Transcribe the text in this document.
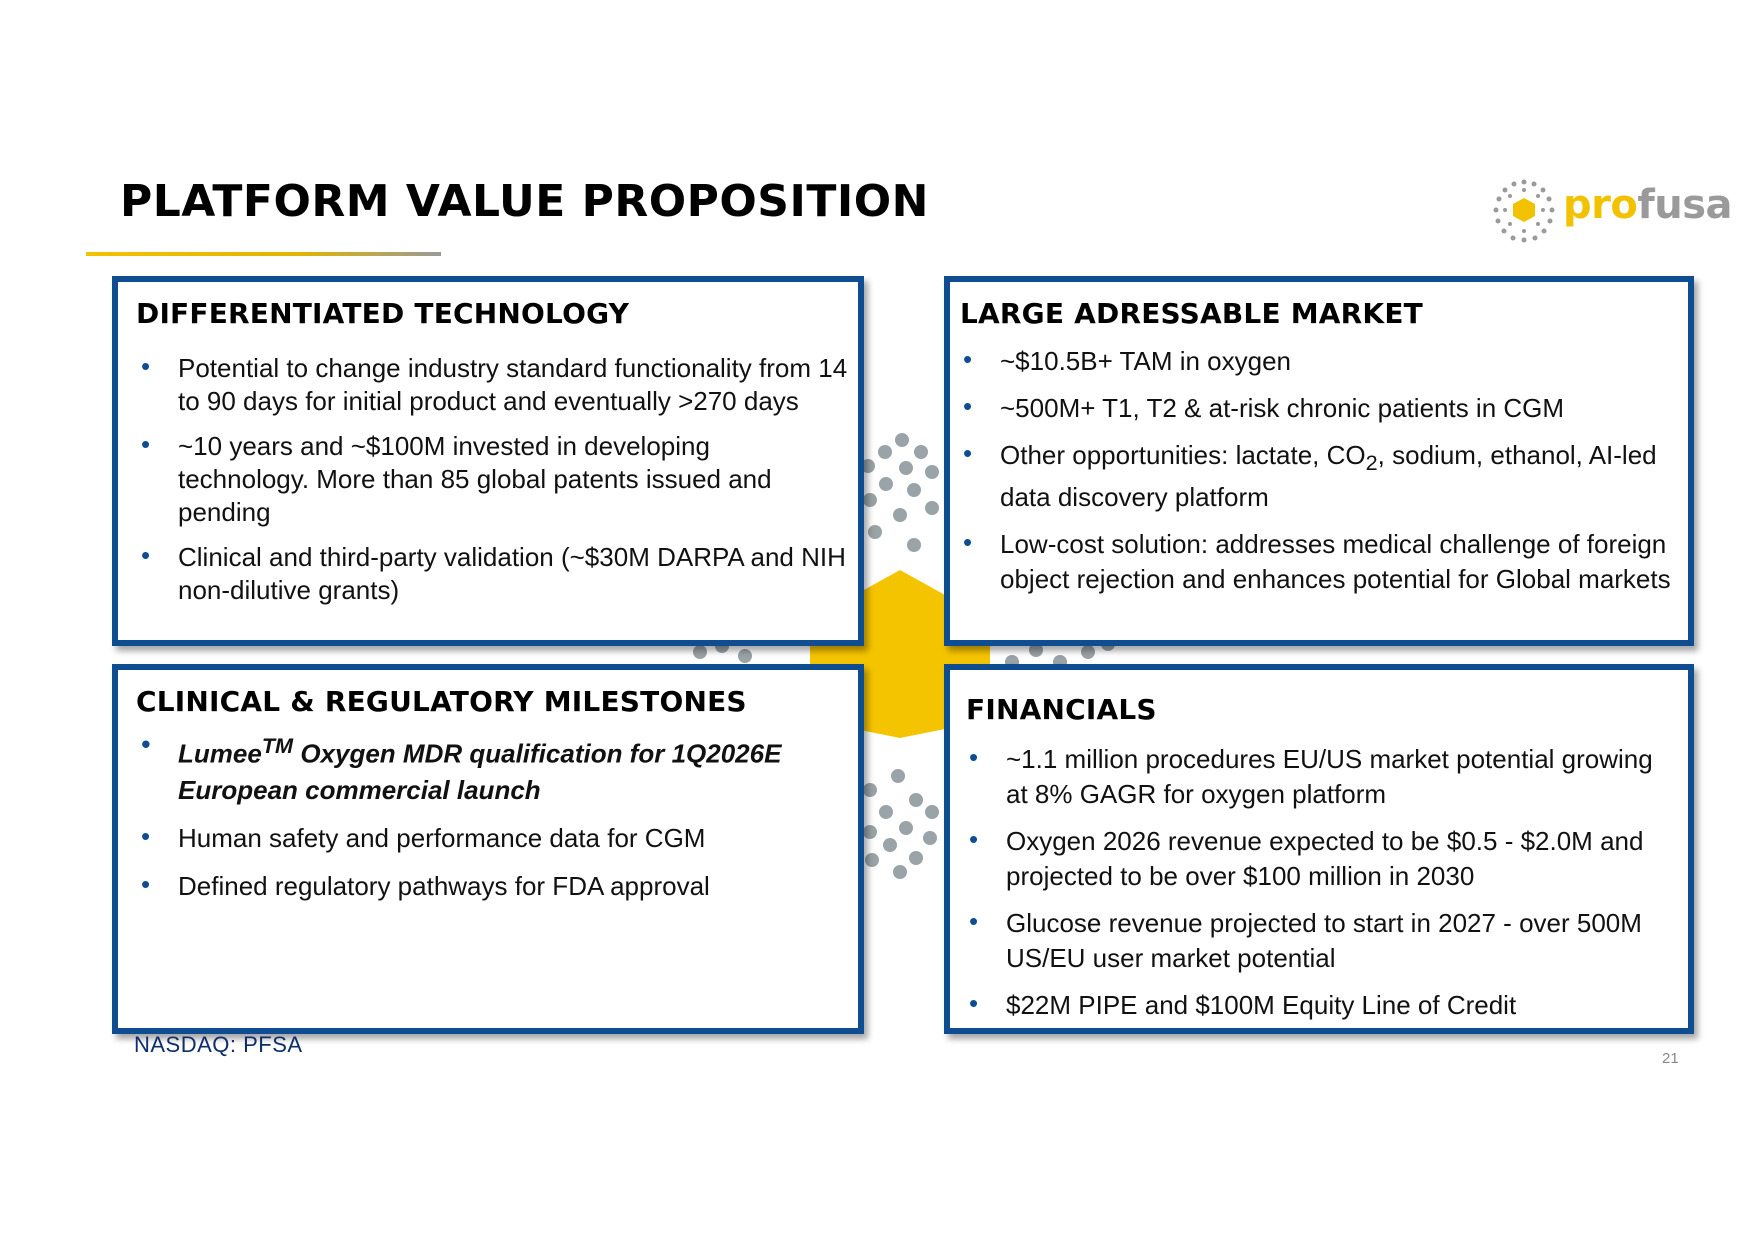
PLATFORM VALUE PROPOSITION	profusa
DIFFERENTIATED TECHNOLOGY
• Potential to change industry standard functionality from 14 to 90 days for initial product and eventually >270 days
• ~10 years and ~$100M invested in developing technology. More than 85 global patents issued and pending
• Clinical and third-party validation (~$30M DARPA and NIH non-dilutive grants)
LARGE ADRESSABLE MARKET
• ~$10.5B+ TAM in oxygen
• ~500M+ T1, T2 & at-risk chronic patients in CGM
• Other opportunities: lactate, $CO_2$, sodium, ethanol, AI-led data discovery platform
• Low-cost solution: addresses medical challenge of foreign object rejection and enhances potential for Global markets
CLINICAL & REGULATORY MILESTONES
• Lumee™ Oxygen MDR qualification for 1Q2026E European commercial launch
• Human safety and performance data for CGM
• Defined regulatory pathways for FDA approval
FINANCIALS
• ~1.1 million procedures EU/US market potential growing at 8% GAGR for oxygen platform
• Oxygen 2026 revenue expected to be $0.5 - $2.0M and projected to be over $100 million in 2030
• Glucose revenue projected to start in 2027 - over 500M US/EU user market potential
• $22M PIPE and $100M Equity Line of Credit
NASDAQ: PFSA
21
